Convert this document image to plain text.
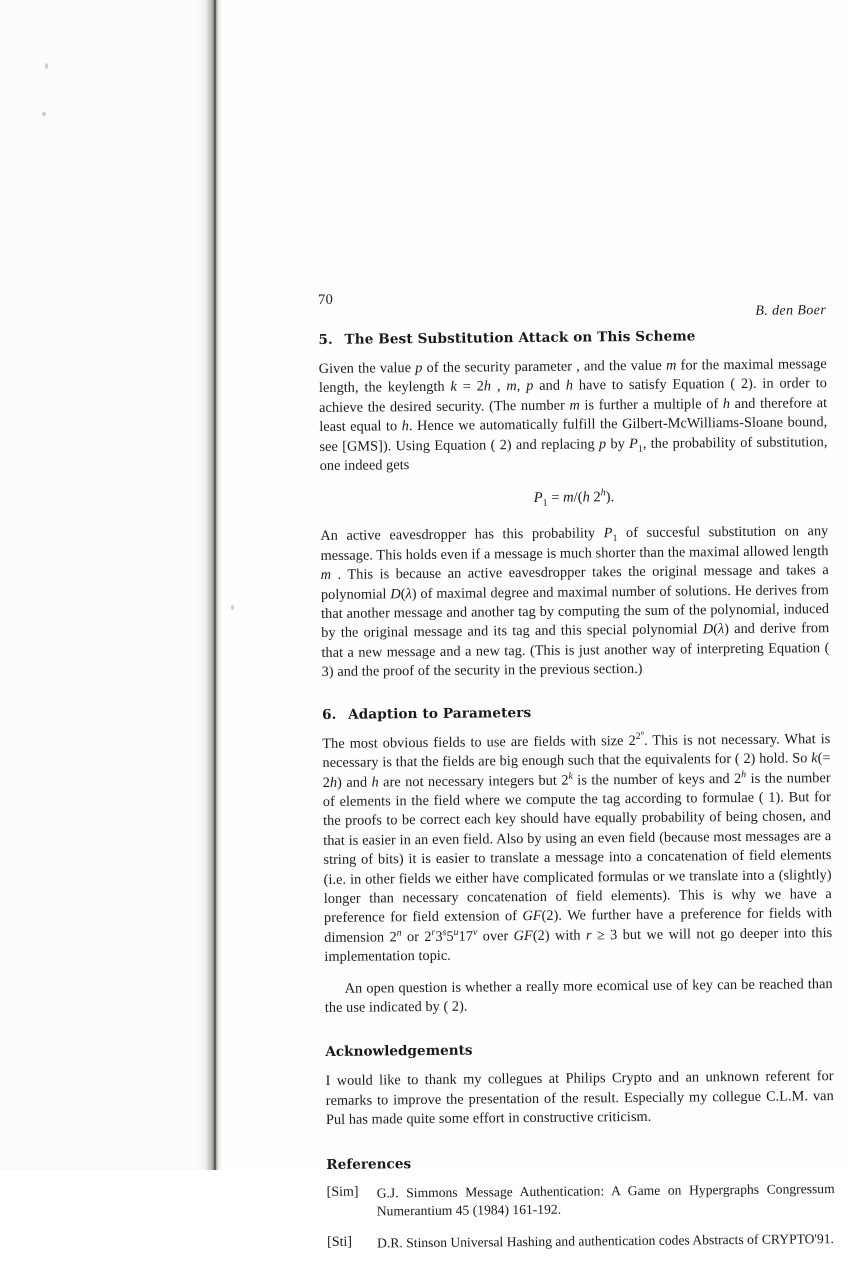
70
B. den Boer
5. The Best Substitution Attack on This Scheme

Given the value p of the security parameter , and the value m for the maximal message length, the keylength k = 2h , m, p and h have to satisfy Equation ( 2). in order to achieve the desired security. (The number m is further a multiple of h and therefore at least equal to h. Hence we automatically fulfill the Gilbert-McWilliams-Sloane bound, see [GMS]). Using Equation ( 2) and replacing p by $P_1$, the probability of substitution, one indeed gets

$P_1 = m/(h$ 2$^h$).

An active eavesdropper has this probability $P_1$ of succesful substitution on any message. This holds even if a message is much shorter than the maximal allowed length m . This is because an active eavesdropper takes the original message and takes a polynomial D(λ) of maximal degree and maximal number of solutions. He derives from that another message and another tag by computing the sum of the polynomial, induced by the original message and its tag and this special polynomial D(λ) and derive from that a new message and a new tag. (This is just another way of interpreting Equation ( 3) and the proof of the security in the previous section.)

6. Adaption to Parameters

The most obvious fields to use are fields with size $2^{2^n}$. This is not necessary. What is necessary is that the fields are big enough such that the equivalents for ( 2) hold. So k(= 2h) and h are not necessary integers but 2$^k$ is the number of keys and 2$^h$ is the number of elements in the field where we compute the tag according to formulae ( 1). But for the proofs to be correct each key should have equally probability of being chosen, and that is easier in an even field. Also by using an even field (because most messages are a string of bits) it is easier to translate a message into a concatenation of field elements (i.e. in other fields we either have complicated formulas or we translate into a (slightly) longer than necessary concatenation of field elements). This is why we have a preference for field extension of GF(2). We further have a preference for fields with dimension 2$^n$ or 2$^r$3$^s$5$^u$17$^v$ over GF(2) with r ≥ 3 but we will not go deeper into this implementation topic.

An open question is whether a really more ecomical use of key can be reached than the use indicated by ( 2).

Acknowledgements

I would like to thank my collegues at Philips Crypto and an unknown referent for remarks to improve the presentation of the result. Especially my collegue C.L.M. van Pul has made quite some effort in constructive criticism.

References
[Sim]	G.J. Simmons Message Authentication: A Game on Hypergraphs Congressum Numerantium 45 (1984) 161-192.
[Sti]	D.R. Stinson Universal Hashing and authentication codes Abstracts of CRYPTO'91.
